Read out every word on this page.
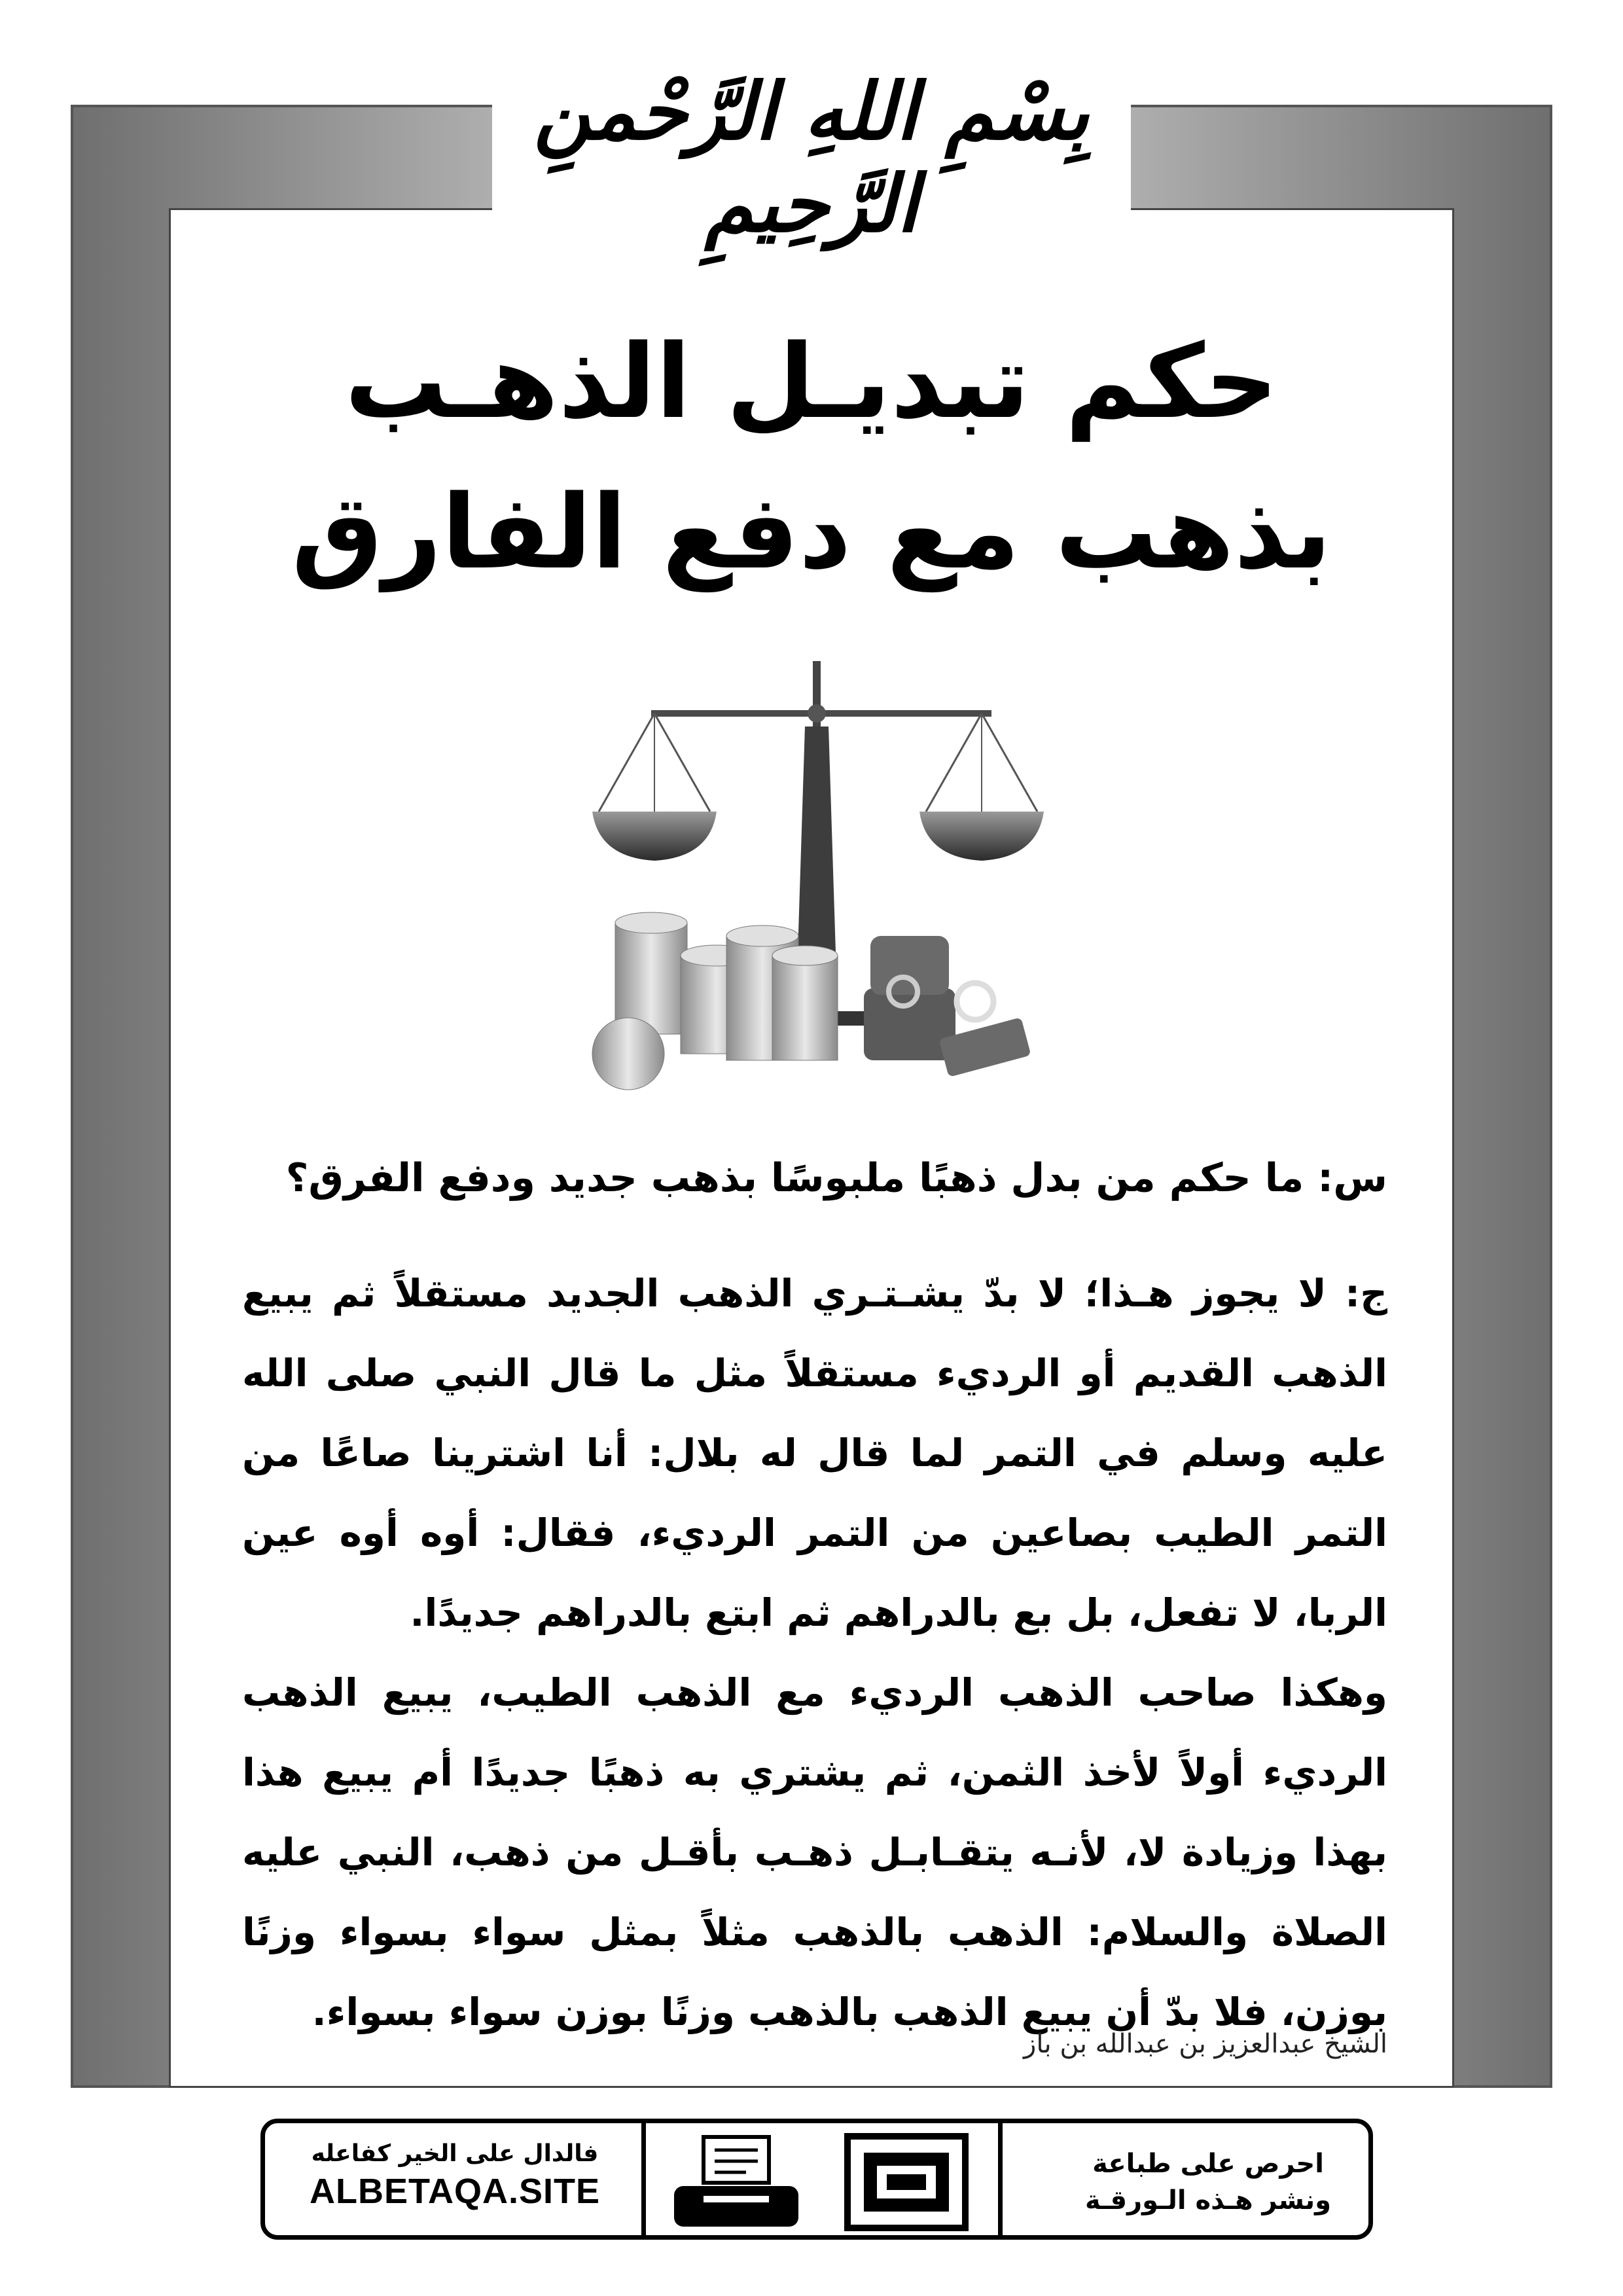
بِسْمِ اللهِ الرَّحْمنِ الرَّحِيمِ
حكم تبديـل الذهـب
بذهب مع دفع الفارق
س: ما حكم من بدل ذهبًا ملبوسًا بذهب جديد ودفع الفرق؟

ج: لا يجوز هـذا؛ لا بدّ يشـتـري الذهب الجديد مستقلاً ثم يبيع الذهب القديم أو الرديء مستقلاً مثل ما قال النبي صلى الله عليه وسلم في التمر لما قال له بلال: أنا اشترينا صاعًا من التمر الطيب بصاعين من التمر الرديء، فقال: أوه أوه عين الربا، لا تفعل، بل بع بالدراهم ثم ابتع بالدراهم جديدًا.

وهكذا صاحب الذهب الرديء مع الذهب الطيب، يبيع الذهب الرديء أولاً لأخذ الثمن، ثم يشتري به ذهبًا جديدًا أم يبيع هذا بهذا وزيادة لا، لأنـه يتقـابـل ذهـب بأقـل من ذهب، النبي عليه الصلاة والسلام: الذهب بالذهب مثلاً بمثل سواء بسواء وزنًا بوزن، فلا بدّ أن يبيع الذهب بالذهب وزنًا بوزن سواء بسواء.

الشيخ عبدالعزيز بن عبدالله بن باز
فالدال على الخير كفاعله
ALBETAQA.SITE
احرص على طباعة
ونشر هـذه الـورقـة
